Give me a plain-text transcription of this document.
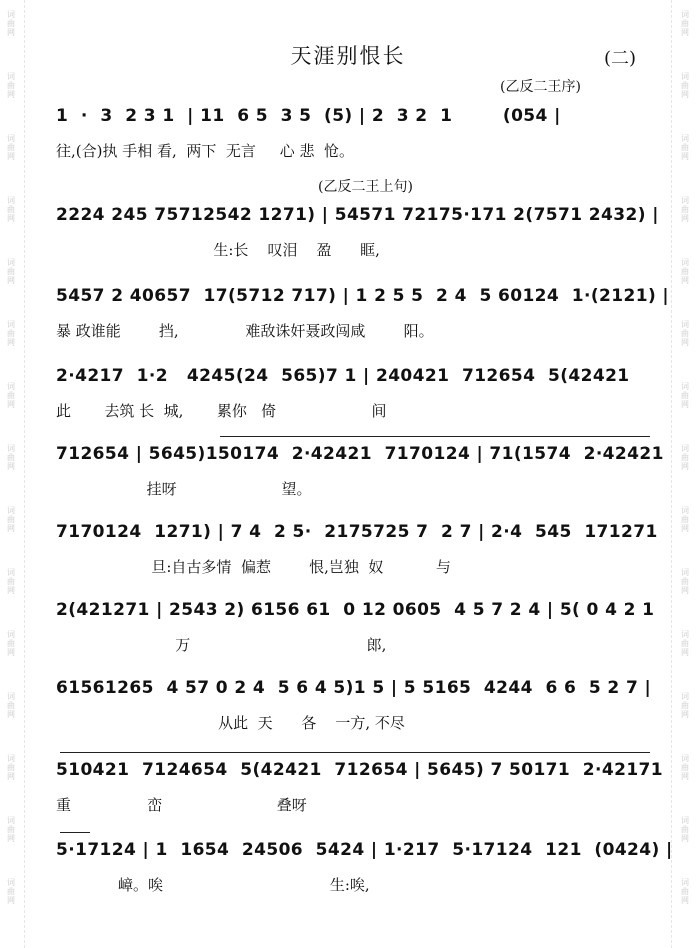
词
曲
网
词
曲
网
词
曲
网
词
曲
网
词
曲
网
词
曲
网
词
曲
网
词
曲
网
词
曲
网
词
曲
网
词
曲
网
词
曲
网
词
曲
网
词
曲
网
词
曲
网
词
曲
网
词
曲
网
词
曲
网
词
曲
网
词
曲
网
词
曲
网
词
曲
网
词
曲
网
词
曲
网
词
曲
网
词
曲
网
词
曲
网
词
曲
网
词
曲
网
词
曲
网
天涯别恨长	(二)
(乙反二王序)
(乙反二王上句)
1  ·  3  2 3 1  | 11  6 5  3 5  (5) | 2  3 2  1        (054 |
往,(合)执 手相 看,  两下  无言     心 悲  怆。
2224 245 75712542 1271) | 54571 72175·171 2(7571 2432) |
生:长    叹泪    盈      眶,
5457 2 40657  17(5712 717) | 1 2 5 5  2 4  5 60124  1·(2121) |
暴 政谁能        挡,              难敌诛奸聂政闯咸        阳。
2·4217  1·2   4245(24  565)7 1 | 240421  712654  5(42421
此       去筑 长  城,       累你   倚                    间
712654 | 5645)150174  2·42421  7170124 | 71(1574  2·42421
挂呀                      望。
7170124  1271) | 7 4  2 5·  2175725 7  2 7 | 2·4  545  171271
旦:自古多情  偏惹        恨,岂独  奴           与
2(421271 | 2543 2) 6156 61  0 12 0605  4 5 7 2 4 | 5( 0 4 2 1
万                                     郎,
61561265  4 57 0 2 4  5 6 4 5)1 5 | 5 5165  4244  6 6  5 2 7 |
从此  天      各    一方, 不尽
510421  7124654  5(42421  712654 | 5645) 7 50171  2·42171
重                峦                        叠呀
5·17124 | 1  1654  24506  5424 | 1·217  5·17124  121  (0424) |
嶂。唉                                   生:唉,
